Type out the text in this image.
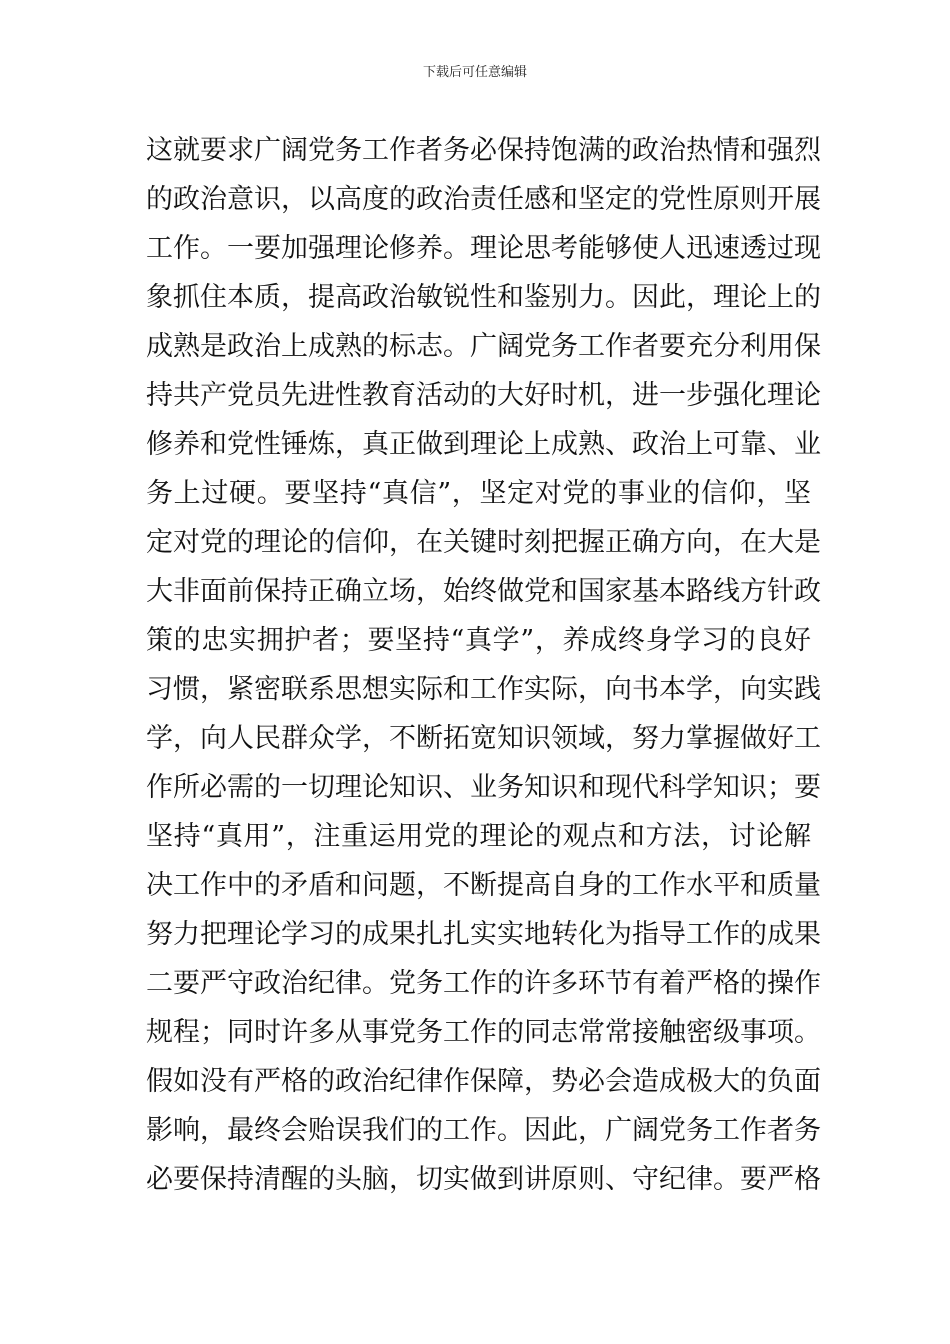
下载后可任意编辑
这就要求广阔党务工作者务必保持饱满的政治热情和强烈
的政治意识，以高度的政治责任感和坚定的党性原则开展
工作。一要加强理论修养。理论思考能够使人迅速透过现
象抓住本质，提高政治敏锐性和鉴别力。因此，理论上的
成熟是政治上成熟的标志。广阔党务工作者要充分利用保
持共产党员先进性教育活动的大好时机，进一步强化理论
修养和党性锤炼，真正做到理论上成熟、政治上可靠、业
务上过硬。要坚持“真信”，坚定对党的事业的信仰，坚
定对党的理论的信仰，在关键时刻把握正确方向，在大是
大非面前保持正确立场，始终做党和国家基本路线方针政
策的忠实拥护者；要坚持“真学”，养成终身学习的良好
习惯，紧密联系思想实际和工作实际，向书本学，向实践
学，向人民群众学，不断拓宽知识领域，努力掌握做好工
作所必需的一切理论知识、业务知识和现代科学知识；要
坚持“真用”，注重运用党的理论的观点和方法，讨论解
决工作中的矛盾和问题，不断提高自身的工作水平和质量
努力把理论学习的成果扎扎实实地转化为指导工作的成果
二要严守政治纪律。党务工作的许多环节有着严格的操作
规程；同时许多从事党务工作的同志常常接触密级事项。
假如没有严格的政治纪律作保障，势必会造成极大的负面
影响，最终会贻误我们的工作。因此，广阔党务工作者务
必要保持清醒的头脑，切实做到讲原则、守纪律。要严格
